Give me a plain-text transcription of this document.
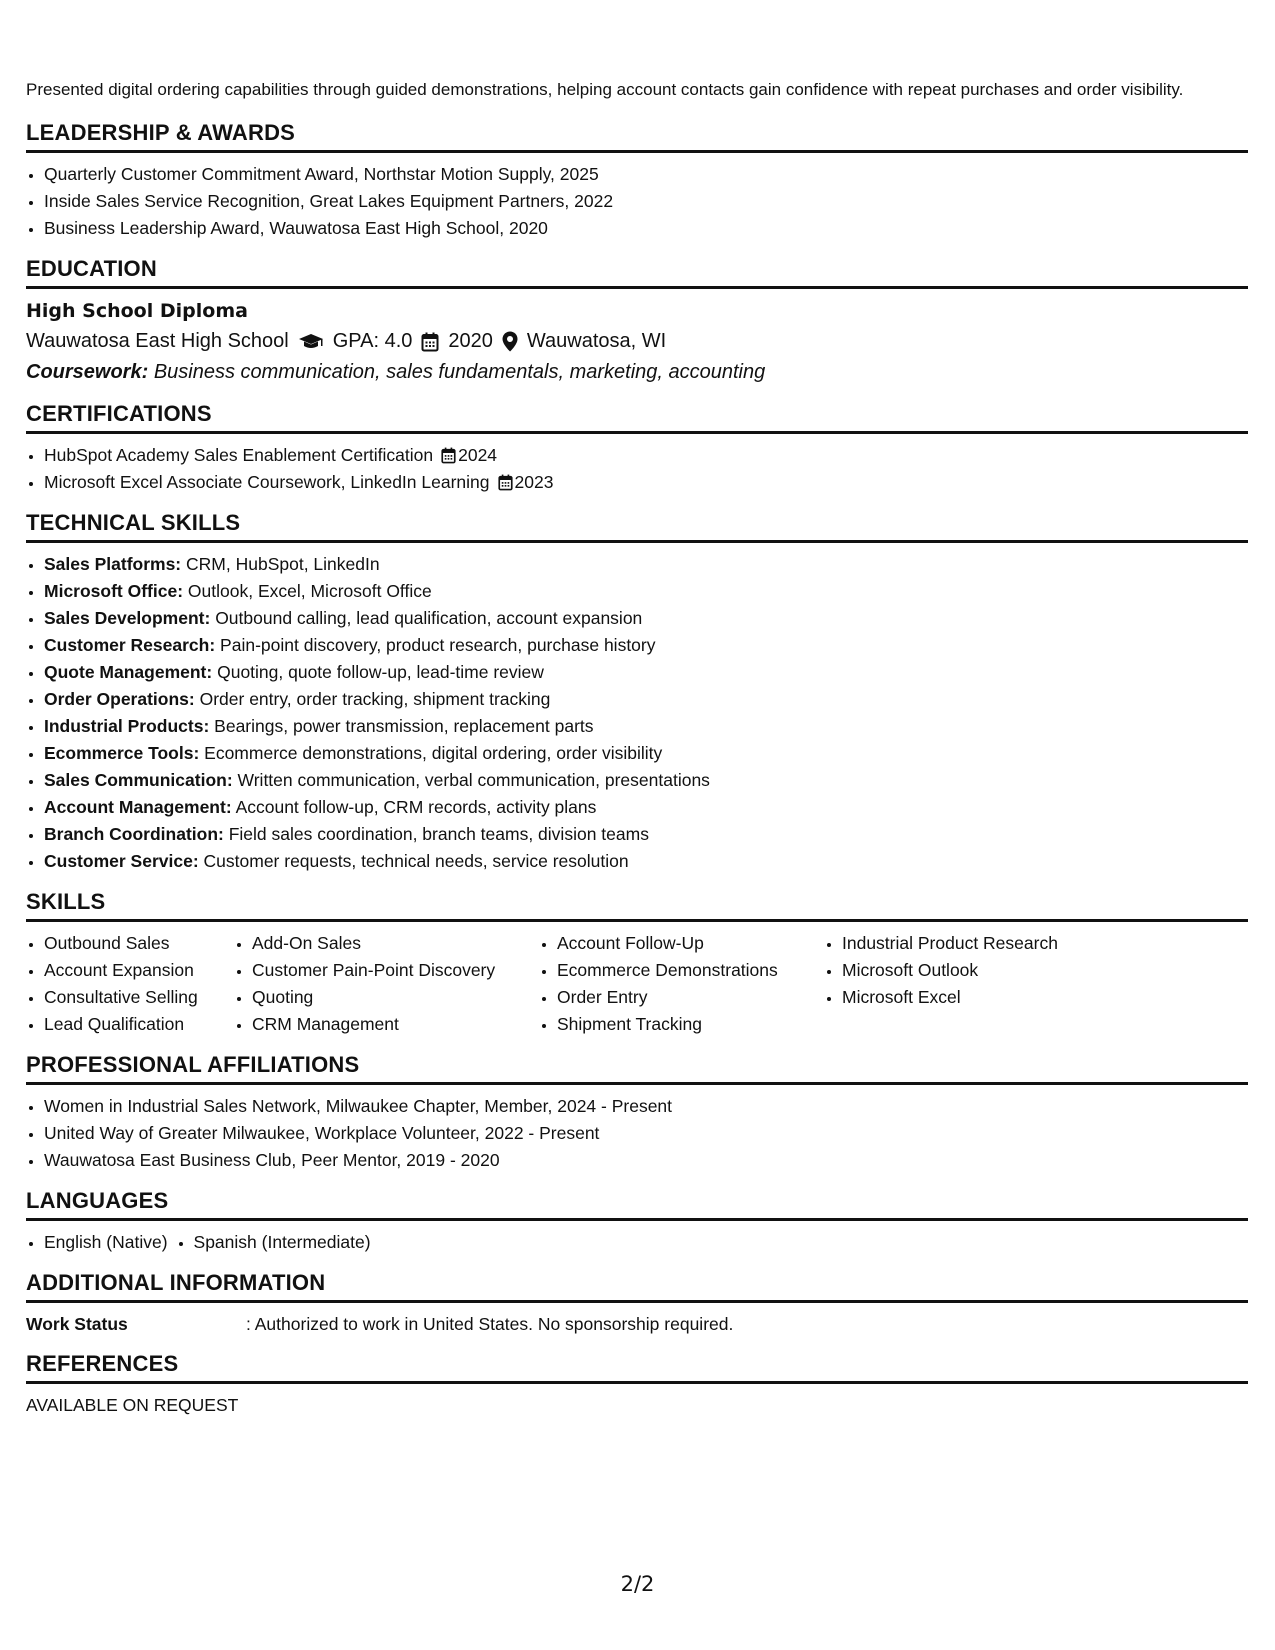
Presented digital ordering capabilities through guided demonstrations, helping account contacts gain confidence with repeat purchases and order visibility.

LEADERSHIP & AWARDS
• Quarterly Customer Commitment Award, Northstar Motion Supply, 2025
• Inside Sales Service Recognition, Great Lakes Equipment Partners, 2022
• Business Leadership Award, Wauwatosa East High School, 2020
EDUCATION
High School Diploma
Wauwatosa East High School GPA: 4.0 2020 Wauwatosa, WI
Coursework: Business communication, sales fundamentals, marketing, accounting
CERTIFICATIONS
• HubSpot Academy Sales Enablement Certification 2024
• Microsoft Excel Associate Coursework, LinkedIn Learning 2023
TECHNICAL SKILLS
• Sales Platforms: CRM, HubSpot, LinkedIn
• Microsoft Office: Outlook, Excel, Microsoft Office
• Sales Development: Outbound calling, lead qualification, account expansion
• Customer Research: Pain-point discovery, product research, purchase history
• Quote Management: Quoting, quote follow-up, lead-time review
• Order Operations: Order entry, order tracking, shipment tracking
• Industrial Products: Bearings, power transmission, replacement parts
• Ecommerce Tools: Ecommerce demonstrations, digital ordering, order visibility
• Sales Communication: Written communication, verbal communication, presentations
• Account Management: Account follow-up, CRM records, activity plans
• Branch Coordination: Field sales coordination, branch teams, division teams
• Customer Service: Customer requests, technical needs, service resolution
SKILLS
• Outbound Sales
• Account Expansion
• Consultative Selling
• Lead Qualification
• Add-On Sales
• Customer Pain-Point Discovery
• Quoting
• CRM Management
• Account Follow-Up
• Ecommerce Demonstrations
• Order Entry
• Shipment Tracking
• Industrial Product Research
• Microsoft Outlook
• Microsoft Excel
PROFESSIONAL AFFILIATIONS
• Women in Industrial Sales Network, Milwaukee Chapter, Member, 2024 - Present
• United Way of Greater Milwaukee, Workplace Volunteer, 2022 - Present
• Wauwatosa East Business Club, Peer Mentor, 2019 - 2020
LANGUAGES
• English (Native)
• Spanish (Intermediate)
ADDITIONAL INFORMATION
Work Status	: Authorized to work in United States. No sponsorship required.
REFERENCES
AVAILABLE ON REQUEST
2/2
